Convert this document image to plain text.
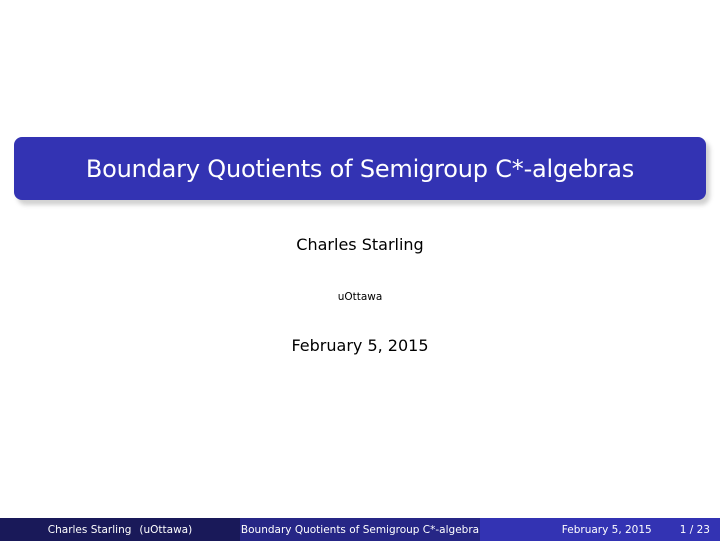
Boundary Quotients of Semigroup C*-algebras
Charles Starling
uOttawa
February 5, 2015
Charles Starling (uOttawa)	Boundary Quotients of Semigroup C*-algebra	February 5, 2015	1 / 23
